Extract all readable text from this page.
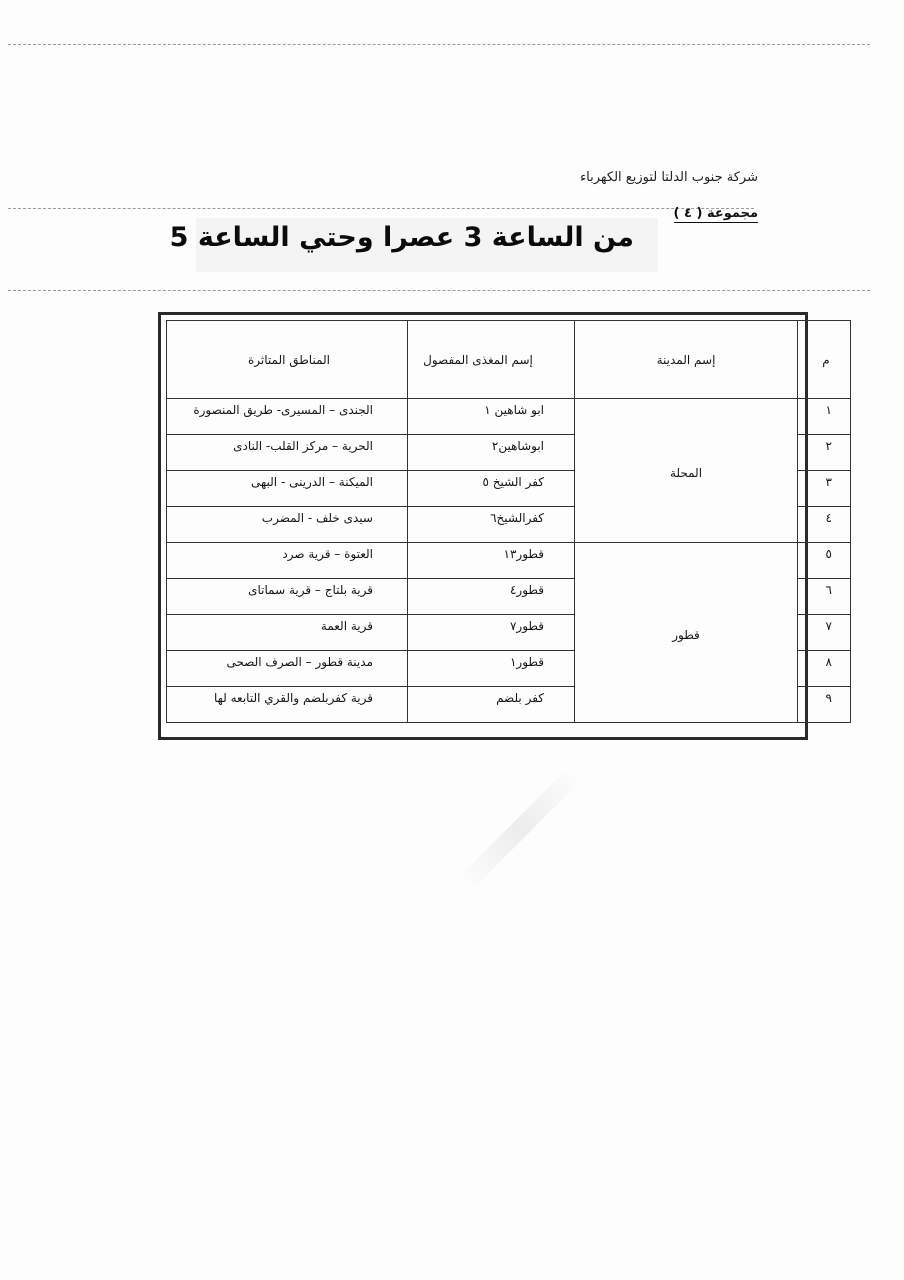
شركة جنوب الدلتا لتوزيع الكهرباء
مجموعة ( ٤ )
من الساعة 3 عصرا وحتي الساعة 5
م	إسم المدينة	إسم المغذى المفصول	المناطق المتاثرة
١	المحلة	ابو شاهين ١	الجندى – المسيرى- طريق المنصورة
٢		ابوشاهين٢	الحرية – مركز القلب- النادى
٣		كفر الشيخ ٥	الميكنة – الدرينى - البهى
٤		كفرالشيخ٦	سيدى خلف - المضرب
٥	قطور	قطور١٣	العتوة – قرية صرد
٦		قطور٤	قرية بلتاج – قرية سماتاى
٧		قطور٧	قرية العمة
٨		قطور١	مدينة قطور – الصرف الصحى
٩		كفر بلضم	قرية كفربلضم والقري التابعه لها
